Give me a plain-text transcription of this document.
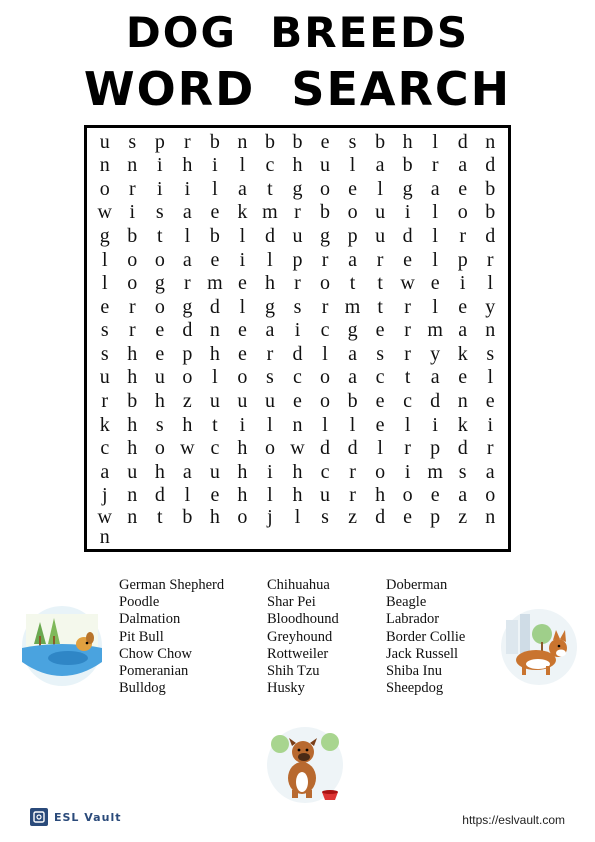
DOG BREEDS
WORD SEARCH
u s p r b n b b e s b h l d n
n n i h i	l	c h u l	a b r a d
o r	i	i	l	a	t g o e	l g a e b
w i	s a e k m r b o u i	l o b
g b t	l b l d u g p u d l	r d
l o o a e	i	l p r a r e	l p r
l o g r m e h r o t	t w e	i	l
e r o g d l g s	r m t	r	l	e y
s	r e d n e a	i	c g e r m a n
s h e p h e r d l	a s	r y k s
u h u o l o s c o a c	t	a e	l
r b h z u u u e o b e c d n e
k h s h t	i	l n l	l	e	l	i k i
c h o w c h o w d d l	r p d r
a u h a u h i h c r o i m s a
j n d l	e h l h u r h o e a o
w n t b h o j	l	s z d e p z n
n
German Shepherd
Poodle
Dalmation
Pit Bull
Chow Chow
Pomeranian
Bulldog
Chihuahua
Shar Pei
Bloodhound
Greyhound
Rottweiler
Shih Tzu
Husky
Doberman
Beagle
Labrador
Border Collie
Jack Russell
Shiba Inu
Sheepdog
ESL Vault	https://eslvault.com
